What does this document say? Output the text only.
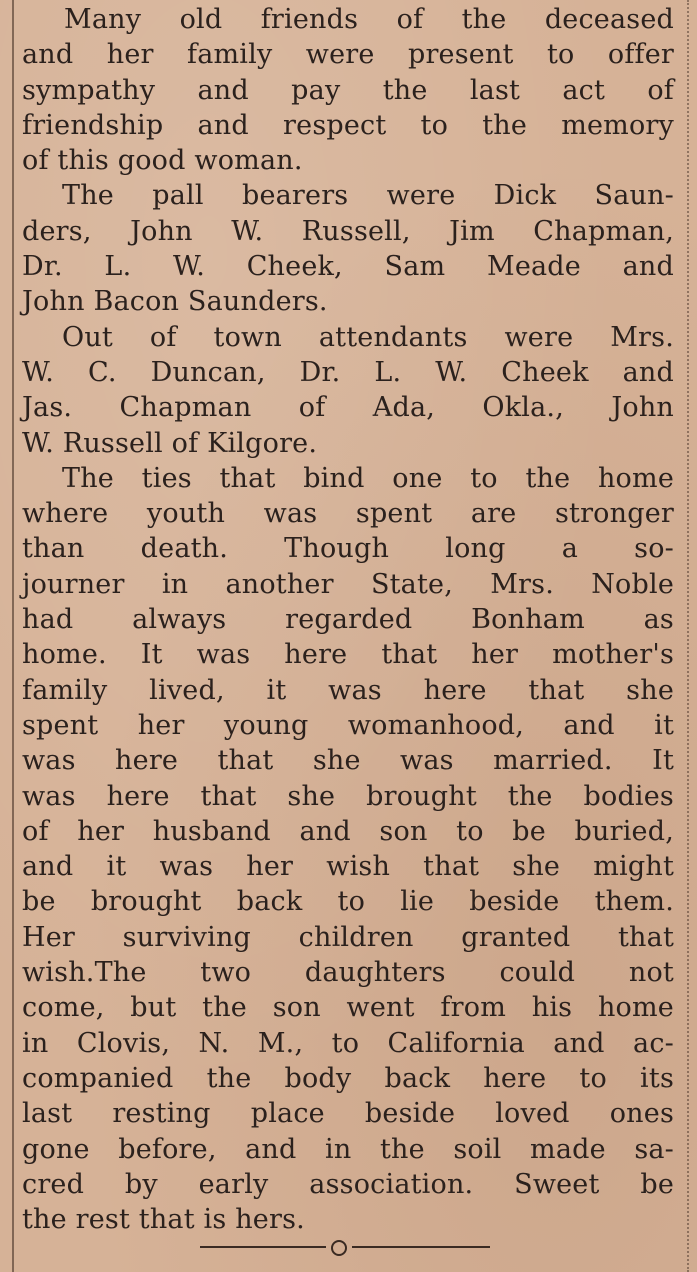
Many old friends of the deceased
and her family were present to offer
sympathy and pay the last act of
friendship and respect to the memory
of this good woman.
The pall bearers were Dick Saun-
ders, John W. Russell, Jim Chapman,
Dr. L. W. Cheek, Sam Meade and
John Bacon Saunders.
Out of town attendants were Mrs.
W. C. Duncan, Dr. L. W. Cheek and
Jas. Chapman of Ada, Okla., John
W. Russell of Kilgore.
The ties that bind one to the home
where youth was spent are stronger
than death. Though long a so-
journer in another State, Mrs. Noble
had always regarded Bonham as
home. It was here that her mother's
family lived, it was here that she
spent her young womanhood, and it
was here that she was married. It
was here that she brought the bodies
of her husband and son to be buried,
and it was her wish that she might
be brought back to lie beside them.
Her surviving children granted that
wish.The two daughters could not
come, but the son went from his home
in Clovis, N. M., to California and ac-
companied the body back here to its
last resting place beside loved ones
gone before, and in the soil made sa-
cred by early association. Sweet be
the rest that is hers.
